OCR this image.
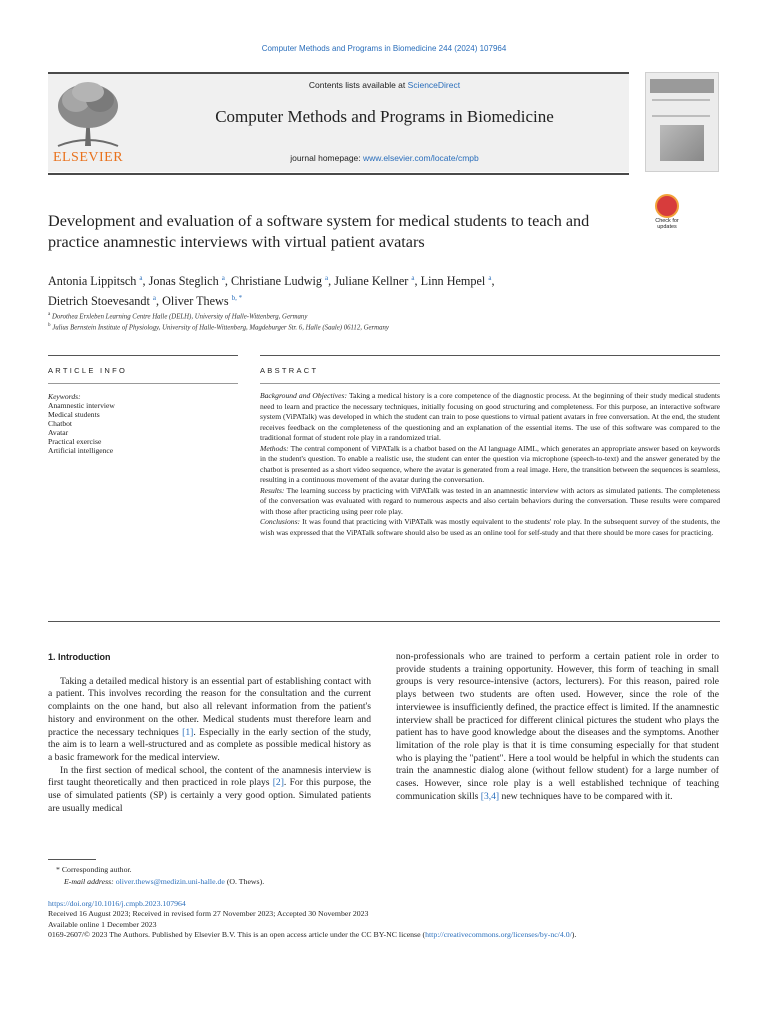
Computer Methods and Programs in Biomedicine 244 (2024) 107964
ELSEVIER
Contents lists available at ScienceDirect
Computer Methods and Programs in Biomedicine
journal homepage: www.elsevier.com/locate/cmpb
Development and evaluation of a software system for medical students to teach and practice anamnestic interviews with virtual patient avatars
Check for updates
Antonia Lippitsch $^a$, Jonas Steglich $^a$, Christiane Ludwig $^a$, Juliane Kellner $^a$, Linn Hempel $^a$,
Dietrich Stoevesandt $^a$, Oliver Thews $^{b, *}$
$^a$ Dorothea Erxleben Learning Centre Halle (DELH), University of Halle-Wittenberg, Germany
$^b$ Julius Bernstein Institute of Physiology, University of Halle-Wittenberg, Magdeburger Str. 6, Halle (Saale) 06112, Germany
ARTICLE INFO	ABSTRACT
Keywords:
Anamnestic interview
Medical students
Chatbot
Avatar
Practical exercise
Artificial intelligence

Background and Objectives: Taking a medical history is a core competence of the diagnostic process. At the beginning of their study medical students need to learn and practice the necessary techniques, initially focusing on good structuring and completeness. For this purpose, an interactive software system (ViPATalk) was developed in which the student can train to pose questions to virtual patient avatars in free conversation. At the end, the student receives feedback on the completeness of the questioning and an explanation of the essential items. The use of this software was compared to the traditional format of student role play in a randomized trial.

Methods: The central component of ViPATalk is a chatbot based on the AI language AIML, which generates an appropriate answer based on keywords in the student's question. To enable a realistic use, the student can enter the question via microphone (speech-to-text) and the answer generated by the chatbot is presented as a short video sequence, where the avatar is generated from a real image. Here, the transition between the sequences is seamless, resulting in a continuous movement of the avatar during the conversation.

Results: The learning success by practicing with ViPATalk was tested in an anamnestic interview with actors as simulated patients. The completeness of the conversation was evaluated with regard to numerous aspects and also certain behaviors during the conversation. These results were compared with those after practicing using peer role play.

Conclusions: It was found that practicing with ViPATalk was mostly equivalent to the students' role play. In the subsequent survey of the students, the wish was expressed that the ViPATalk software should also be used as an online tool for self-study and that there should be more cases for practicing.

1. Introduction

Taking a detailed medical history is an essential part of establishing contact with a patient. This involves recording the reason for the consultation and the current complaints on the one hand, but also all relevant information from the patient's history and environment on the other. Medical students must therefore learn and practice the necessary techniques [1]. Especially in the early section of the study, the aim is to learn a well-structured and as complete as possible medical history as a basic framework for the medical interview.

In the first section of medical school, the content of the anamnesis interview is first taught theoretically and then practiced in role plays [2]. For this purpose, the use of simulated patients (SP) is certainly a very good option. Simulated patients are usually medical

non-professionals who are trained to perform a certain patient role in order to provide students a training opportunity. However, this form of teaching in small groups is very resource-intensive (actors, lecturers). For this reason, paired role plays between two students are often used. However, since the role of the interviewee is insufficiently defined, the practice effect is limited. If the anamnestic interview shall be practiced for different clinical pictures the student who plays the patient has to have good knowledge about the diseases and the symptoms. Another limitation of the role play is that it is time consuming especially for that student who is playing the "patient". Here a tool would be helpful in which the students can train the anamnestic dialog alone (without fellow student) for a large number of cases. However, since role play is a well established technique of teaching communication skills [3,4] new techniques have to be compared with it.

* Corresponding author.
E-mail address: oliver.thews@medizin.uni-halle.de (O. Thews).
https://doi.org/10.1016/j.cmpb.2023.107964
Received 16 August 2023; Received in revised form 27 November 2023; Accepted 30 November 2023
Available online 1 December 2023
0169-2607/© 2023 The Authors. Published by Elsevier B.V. This is an open access article under the CC BY-NC license (http://creativecommons.org/licenses/by-nc/4.0/).
